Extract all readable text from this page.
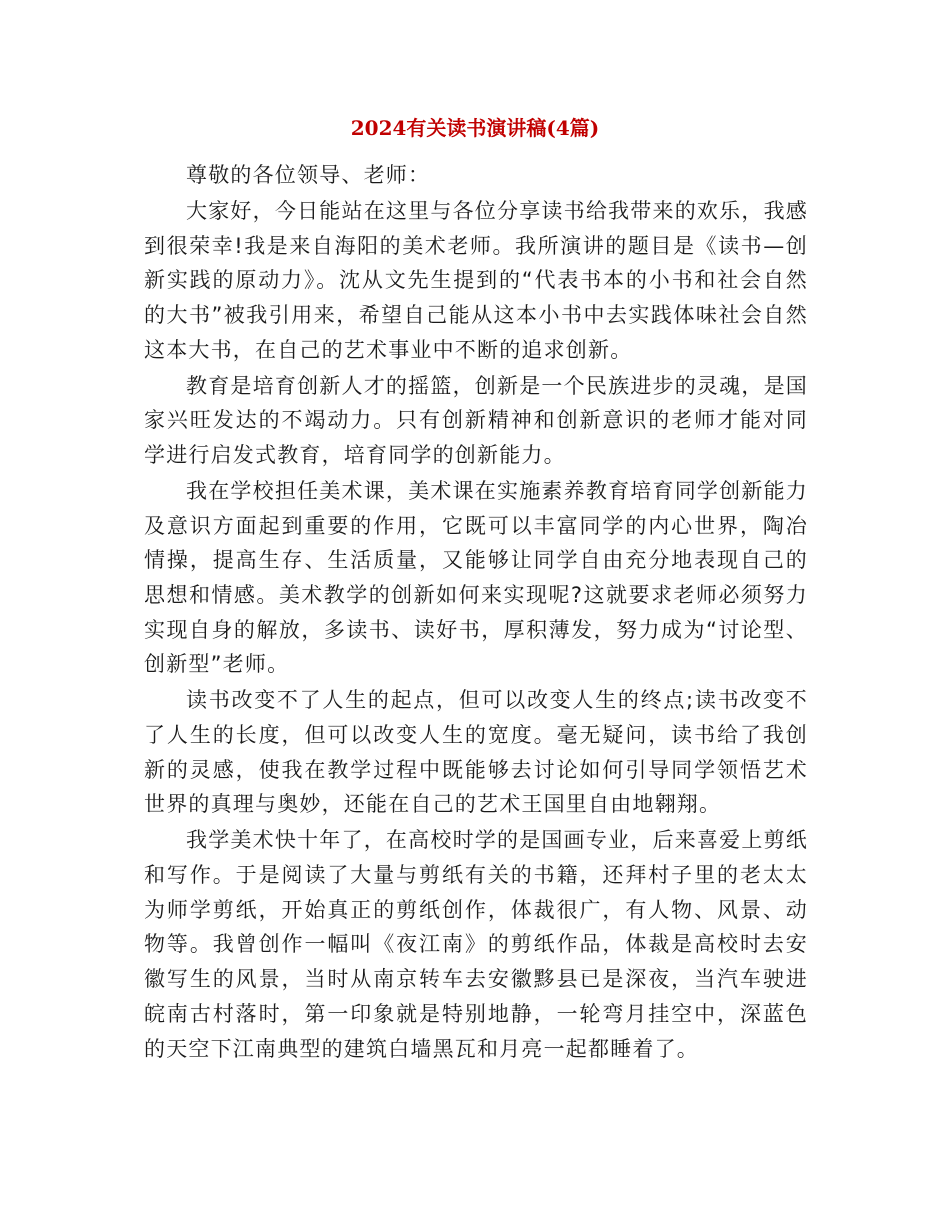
2024有关读书演讲稿(4篇)

尊敬的各位领导、老师：

大家好，今日能站在这里与各位分享读书给我带来的欢乐，我感到很荣幸!我是来自海阳的美术老师。我所演讲的题目是《读书—创新实践的原动力》。沈从文先生提到的“代表书本的小书和社会自然的大书”被我引用来，希望自己能从这本小书中去实践体味社会自然这本大书，在自己的艺术事业中不断的追求创新。

教育是培育创新人才的摇篮，创新是一个民族进步的灵魂，是国家兴旺发达的不竭动力。只有创新精神和创新意识的老师才能对同学进行启发式教育，培育同学的创新能力。

我在学校担任美术课，美术课在实施素养教育培育同学创新能力及意识方面起到重要的作用，它既可以丰富同学的内心世界，陶冶情操，提高生存、生活质量，又能够让同学自由充分地表现自己的思想和情感。美术教学的创新如何来实现呢?这就要求老师必须努力实现自身的解放，多读书、读好书，厚积薄发，努力成为“讨论型、创新型”老师。

读书改变不了人生的起点，但可以改变人生的终点;读书改变不了人生的长度，但可以改变人生的宽度。毫无疑问，读书给了我创新的灵感，使我在教学过程中既能够去讨论如何引导同学领悟艺术世界的真理与奥妙，还能在自己的艺术王国里自由地翱翔。

我学美术快十年了，在高校时学的是国画专业，后来喜爱上剪纸和写作。于是阅读了大量与剪纸有关的书籍，还拜村子里的老太太为师学剪纸，开始真正的剪纸创作，体裁很广，有人物、风景、动物等。我曾创作一幅叫《夜江南》的剪纸作品，体裁是高校时去安徽写生的风景，当时从南京转车去安徽黟县已是深夜，当汽车驶进皖南古村落时，第一印象就是特别地静，一轮弯月挂空中，深蓝色的天空下江南典型的建筑白墙黑瓦和月亮一起都睡着了。
